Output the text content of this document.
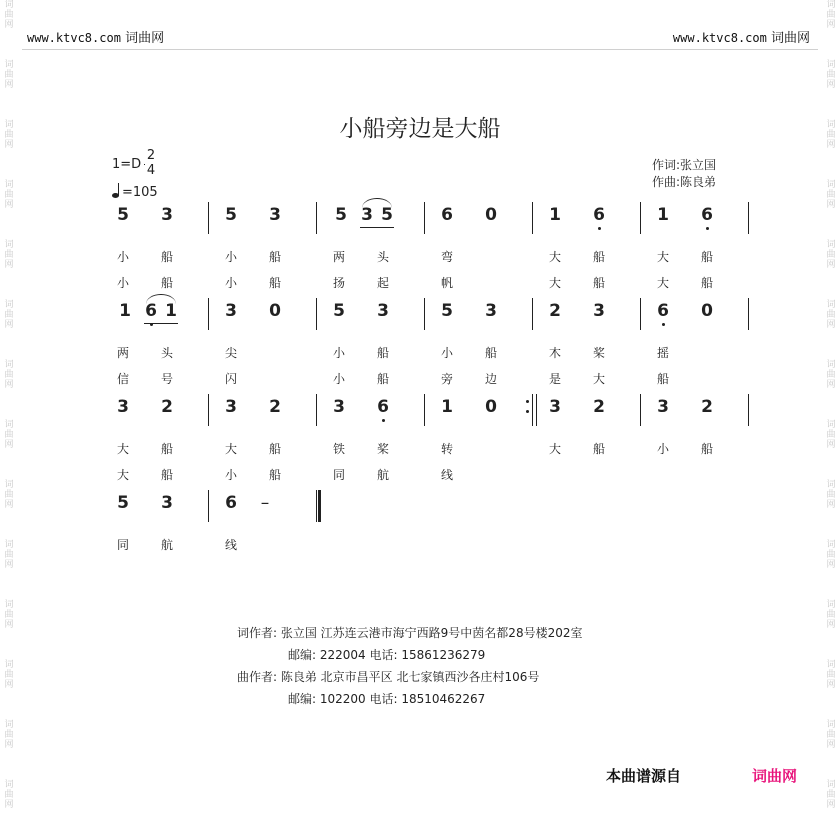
词
曲
网
词
曲
网
词
曲
网
词
曲
网
词
曲
网
词
曲
网
词
曲
网
词
曲
网
词
曲
网
词
曲
网
词
曲
网
词
曲
网
词
曲
网
词
曲
网
词
曲
网
词
曲
网
词
曲
网
词
曲
网
词
曲
网
词
曲
网
词
曲
网
词
曲
网
词
曲
网
词
曲
网
词
曲
网
词
曲
网
词
曲
网
词
曲
网
www.ktvc8.com 词曲网	www.ktvc8.com 词曲网
小船旁边是大船
1=D
2
4
=105
作词:张立国
作曲:陈良弟
5 3
小	船
小	船
5 3
小	船
小	船
5 3 5
两	头
扬	起
6 0
弯
帆
1 6
大	船
大	船
1 6
大	船
大	船
1 6 1
两	头
信	号
3 0
尖
闪
5 3
小	船
小	船
5 3
小	船
旁	边
2 3
木	桨
是	大
6 0
摇
船
3 2
大	船
大	船
3 2
大	船
小	船
3 6
铁	桨
同	航
1 0
转
线
3 2
大	船
3 2
小	船
5 3
同	航
6 –
线
词作者: 张立国 江苏连云港市海宁西路9号中茵名都28号楼202室
邮编: 222004 电话: 15861236279
曲作者: 陈良弟 北京市昌平区 北七家镇西沙各庄村106号
邮编: 102200 电话: 18510462267
本曲谱源自	词曲网
